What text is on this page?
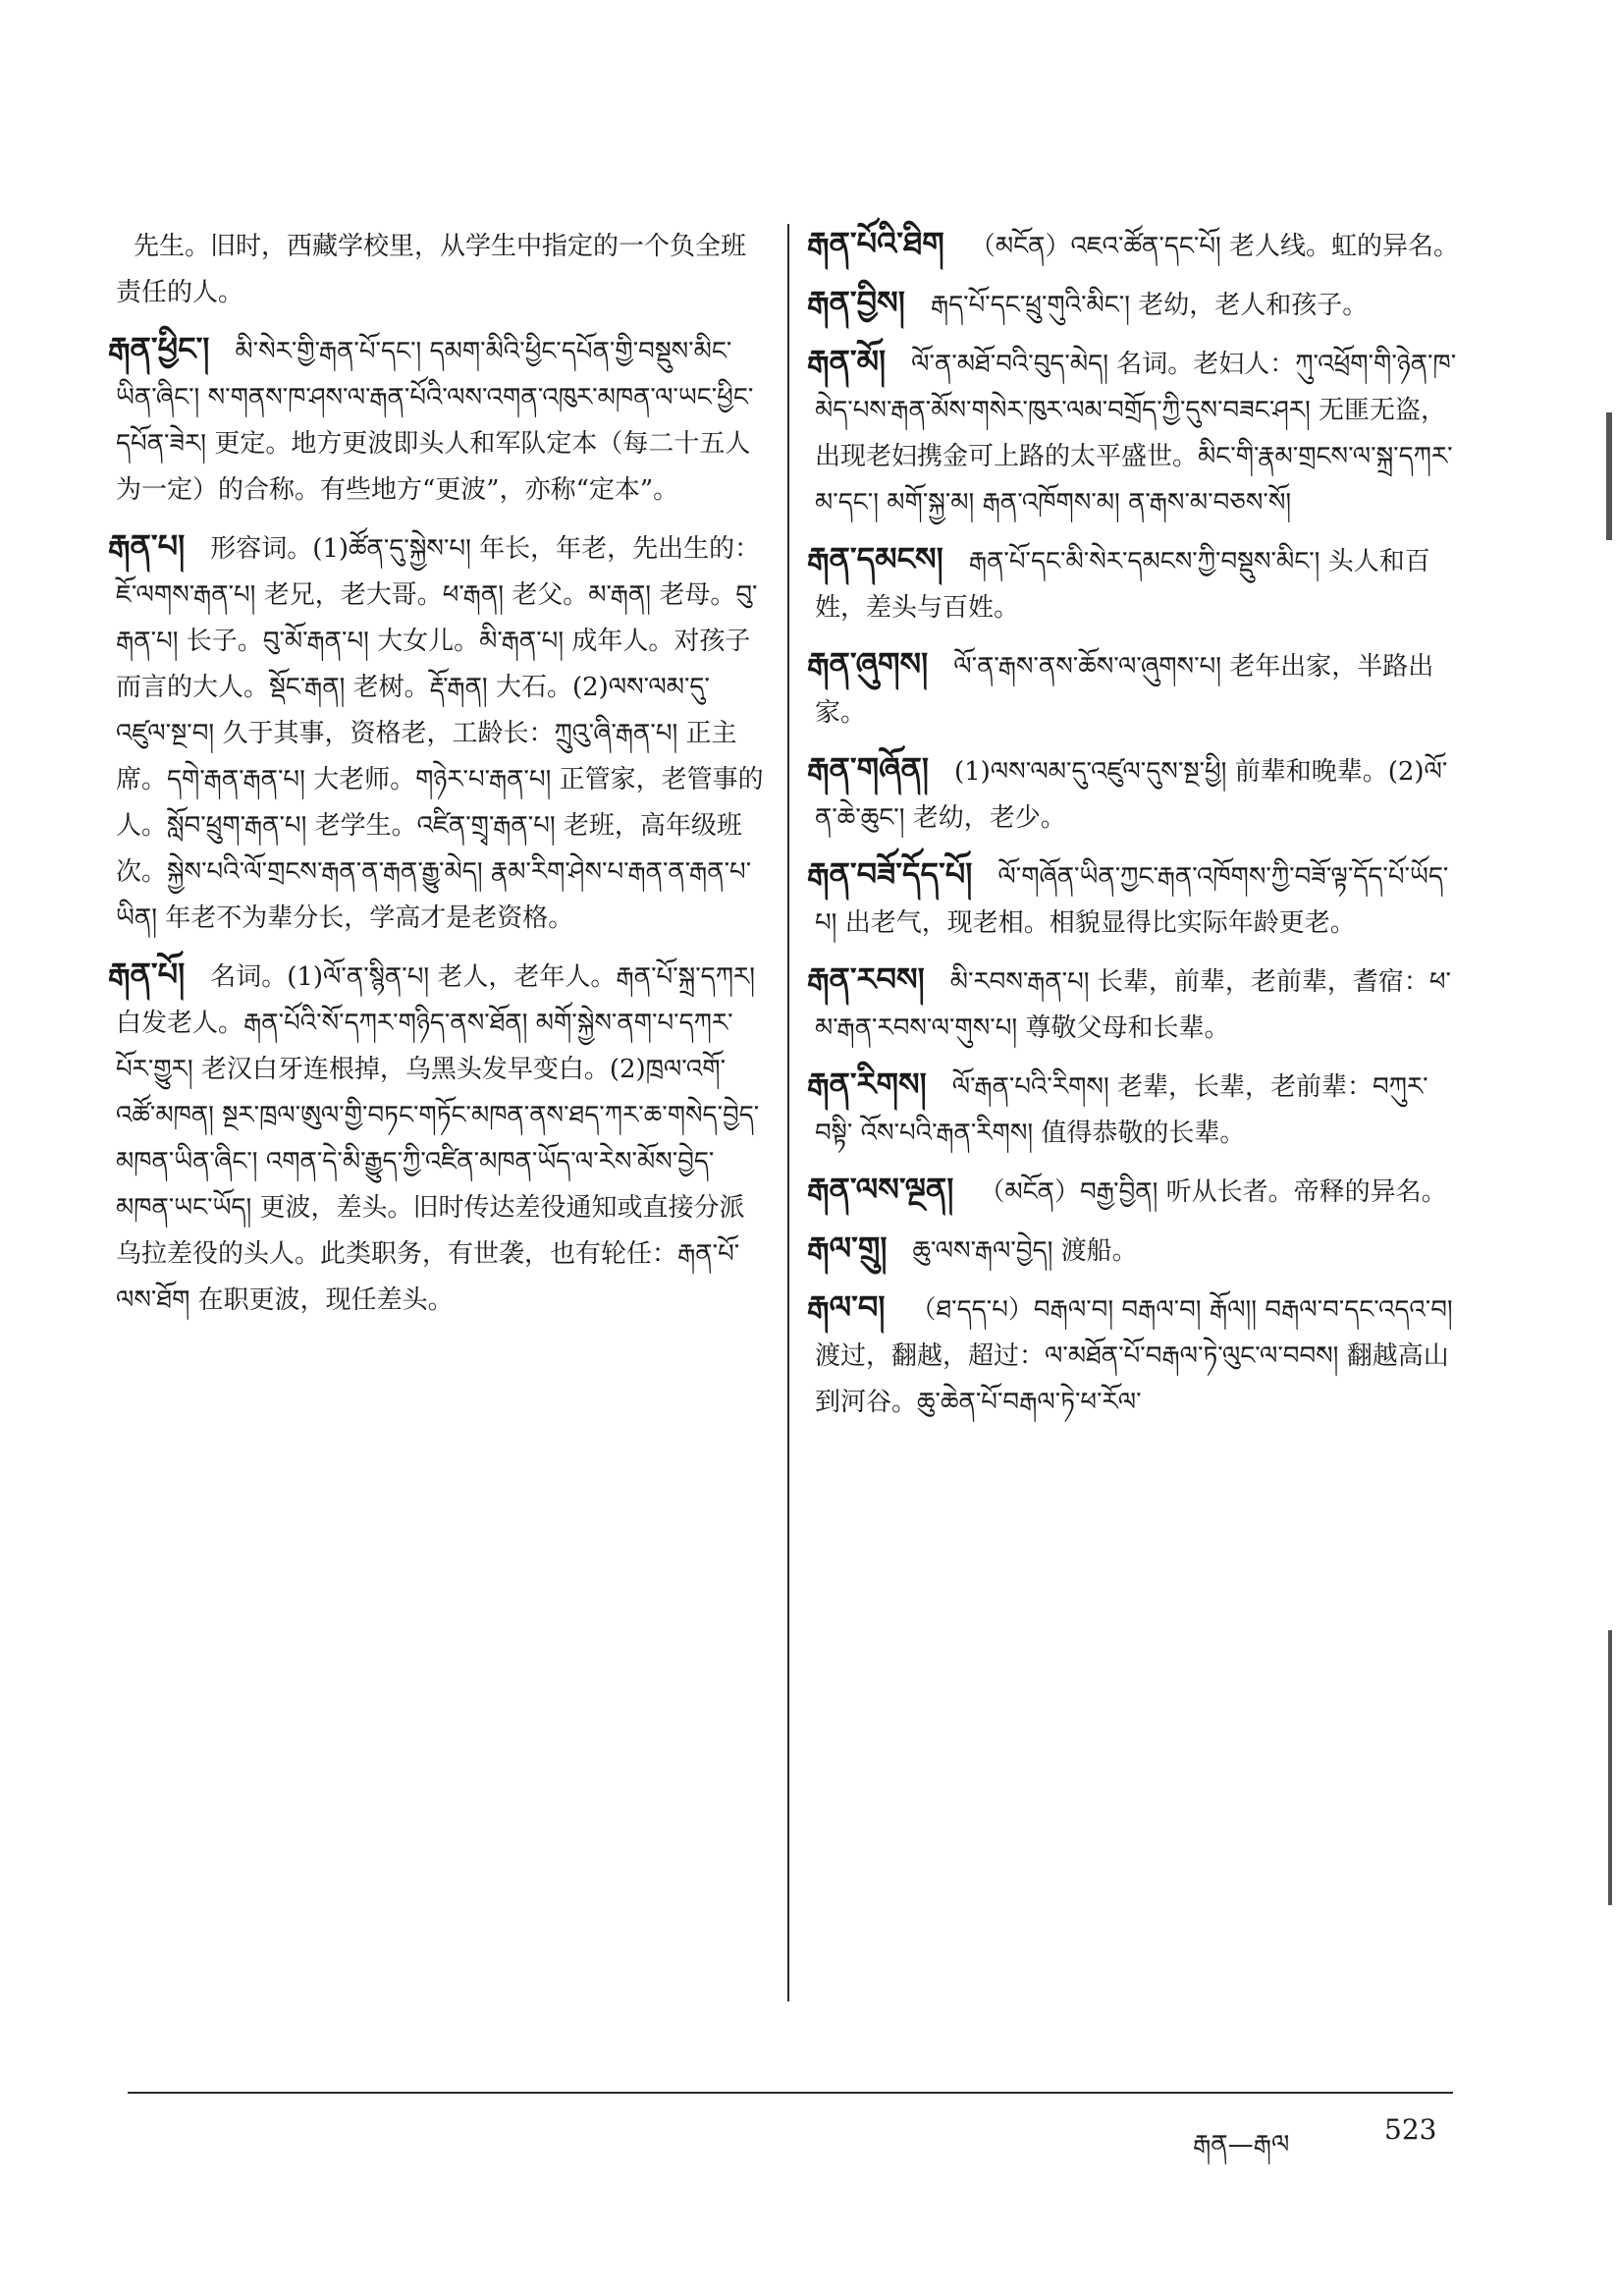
先生。旧时，西藏学校里，从学生中指定的一个负全班责任的人。
རྒན་ཕྱིང་། མི་སེར་གྱི་རྒན་པོ་དང་། དམག་མིའི་ཕྱིང་དཔོན་གྱི་བསྡུས་མིང་ཡིན་ཞིང་། ས་གནས་ཁ་ཤས་ལ་རྒན་པོའི་ལས་འགན་འཁུར་མཁན་ལ་ཡང་ཕྱིང་དཔོན་ཟེར། 更定。地方更波即头人和军队定本（每二十五人为一定）的合称。有些地方“更波”，亦称“定本”。
རྒན་པ། 形容词。(1)ཚོན་དུ་སྐྱེས་པ། 年长，年老，先出生的：ཇོ་ལགས་རྒན་པ། 老兄，老大哥。ཕ་རྒན། 老父。མ་རྒན། 老母。བུ་རྒན་པ། 长子。བུ་མོ་རྒན་པ། 大女儿。མི་རྒན་པ། 成年人。对孩子而言的大人。སྡོང་རྒན། 老树。རྡོ་རྒན། 大石。(2)ལས་ལམ་དུ་འཛུལ་སྔ་བ། 久于其事，资格老，工龄长：ཀྲུའུ་ཞི་རྒན་པ། 正主席。དགེ་རྒན་རྒན་པ། 大老师。གཉེར་པ་རྒན་པ། 正管家，老管事的人。སློབ་ཕྲུག་རྒན་པ། 老学生。འཛིན་གྲྭ་རྒན་པ། 老班，高年级班次。སྐྱེས་པའི་ལོ་གྲངས་རྒན་ན་རྒན་རྒྱུ་མེད། རྣམ་རིག་ཤེས་པ་རྒན་ན་རྒན་པ་ཡིན། 年老不为辈分长，学高才是老资格。
རྒན་པོ། 名词。(1)ལོ་ན་སྙིན་པ། 老人，老年人。རྒན་པོ་སྐྲ་དཀར། 白发老人。རྒན་པོའི་སོ་དཀར་གཉིད་ནས་ཐོན། མགོ་སྐྱེས་ནག་པ་དཀར་པོར་གྱུར། 老汉白牙连根掉，乌黑头发早变白。(2)ཁྲལ་འགོ་འཚོ་མཁན། སྔར་ཁྲལ་ཨུལ་གྱི་བཏང་གཏོང་མཁན་ནས་ཐད་ཀར་ཆ་གསེད་བྱེད་མཁན་ཡིན་ཞིང་། འགན་དེ་མི་རྒྱུད་ཀྱི་འཛིན་མཁན་ཡོད་ལ་རེས་མོས་བྱེད་མཁན་ཡང་ཡོད། 更波，差头。旧时传达差役通知或直接分派乌拉差役的头人。此类职务，有世袭，也有轮任：རྒན་པོ་ལས་ཐོག 在职更波，现任差头。
རྒན་པོའི་ཐིག （མངོན）འཇའ་ཚོན་དང་པོ། 老人线。虹的异名。
རྒན་བྱིས། རྒད་པོ་དང་ཕྲུ་གུའི་མིང་། 老幼，老人和孩子。
རྒན་མོ། ལོ་ན་མཐོ་བའི་བུད་མེད། 名词。老妇人：ཀུ་འཕྲོག་གི་ཉེན་ཁ་མེད་པས་རྒན་མོས་གསེར་ཁུར་ལམ་བགྲོད་ཀྱི་དུས་བཟང་ཤར། 无匪无盗，出现老妇携金可上路的太平盛世。མིང་གི་རྣམ་གྲངས་ལ་སྐྲ་དཀར་མ་དང་། མགོ་སྐྱ་མ། རྒན་འཁོགས་མ། ན་རྒས་མ་བཅས་སོ།
རྒན་དམངས། རྒན་པོ་དང་མི་སེར་དམངས་ཀྱི་བསྡུས་མིང་། 头人和百姓，差头与百姓。
རྒན་ཞུགས། ལོ་ན་རྒས་ནས་ཆོས་ལ་ཞུགས་པ། 老年出家，半路出家。
རྒན་གཞོན། (1)ལས་ལམ་དུ་འཛུལ་དུས་སྔ་ཕྱི། 前辈和晚辈。(2)ལོ་ན་ཆེ་ཆུང་། 老幼，老少。
རྒན་བཟོ་དོད་པོ། ལོ་གཞོན་ཡིན་ཀྱང་རྒན་འཁོགས་ཀྱི་བཟོ་ལྟ་དོད་པོ་ཡོད་པ། 出老气，现老相。相貌显得比实际年龄更老。
རྒན་རབས། མི་རབས་རྒན་པ། 长辈，前辈，老前辈，耆宿：ཕ་མ་རྒན་རབས་ལ་གུས་པ། 尊敬父母和长辈。
རྒན་རིགས། ལོ་རྒན་པའི་རིགས། 老辈，长辈，老前辈：བཀུར་བསྟི་ འོས་པའི་རྒན་རིགས། 值得恭敬的长辈。
རྒན་ལས་ལྔན། （མངོན）བརྒྱ་བྱིན། 听从长者。帝释的异名。
རྒལ་གྲུ། ཆུ་ལས་རྒལ་བྱེད། 渡船。
རྒལ་བ། （ཐ་དད་པ）བརྒལ་བ། བརྒལ་བ། རྒོལ།། བརྒལ་བ་དང་འདའ་བ། 渡过，翻越，超过：ལ་མཐོན་པོ་བརྒལ་ཏེ་ལུང་ལ་བབས། 翻越高山到河谷。ཆུ་ཆེན་པོ་བརྒལ་ཏེ་ཕ་རོལ་
རྒན—རྒལ	523
